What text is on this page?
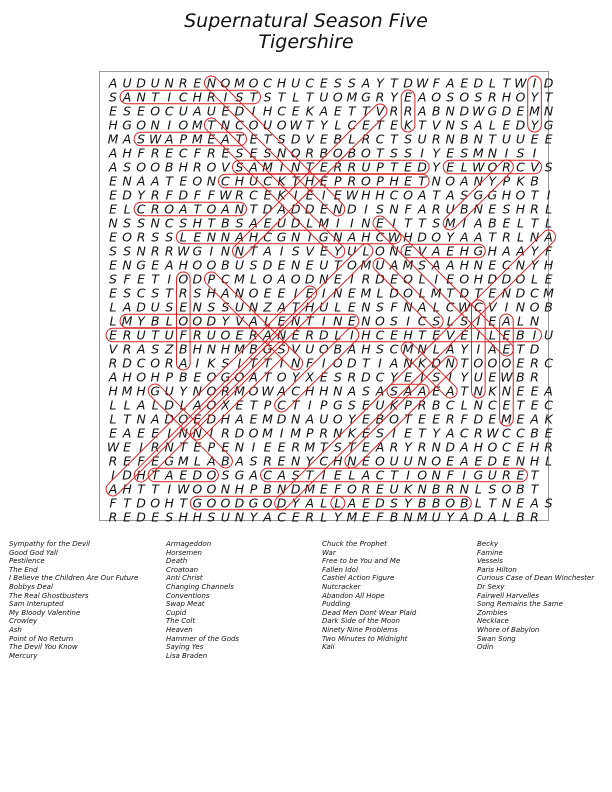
Supernatural Season Five
Tigershire
A U D U N R E N O M O C H U C E S S A Y T D W F A E D L T W I D
S A N T I C H R I S T S T L T U O M G R Y E A O S O S R H O Y T
E S E O C U A U E D I H C E K A E T T V R R A B N D W G D E M N
H G O N I O M T N C O U O W T Y L C E T E K T V N S A L E D Y G
M A S W A P M E A T E T S D V E B L R C T S U R N B N T U U E E
A H F R E C F R E S E S N O R B O B O T S S I Y E S M N I S I
A S O O B H R O V S A M I N T E R R U P T E D Y E L W O R C V S
E N A A T E O N C H U C K T H E P R O P H E T N O A N Y P K B
E D Y R F D F F W R C E K I E I E W H H C O A T A S G G H O T I
E L C R O A T O A N T D A D D E N D I S N F A R U B N E S H R L
N S S N C S H T B S A E U D L M I I N E I T T S M I A B E L T L
E O R S S L E N N A H C G N I G N A H C W H D O Y A A T R L N A
S S N R R W G I N N T A I S V E Y U L O N E V A E H G H A A Y F
E N G E A H O O B U S D E N E U T O M U A M S A A H N E C N Y H
S F E T I O D P C M L O A O D N E I R D E O L I E O H D D O L E
E S C S T R S H A N O E E I E I N E M L D O L M T D T E N D C M
L A D U S E N S S U N Z A T H U L E N S F N A L C W C V I N O B
L M Y B L O O D Y V A L E N T I N E N O S I C S L S I E A L N
E R U T U F R U O E R A N E R D L I H C E H T E V E I L E B I U
V R A S Z B H N H M B G S V U O B A H S C M N L A Y I A E T D
R D C O R A I K S I T T I N F I O D T I A N K D N T O O O E R C
A H O H P B E O G O A T O Y X E S R D C Y E I S I Y U E W B R
H M H G U Y N O R M O W A C H H N A S A S A A E A T N K N E E A
L L A L D L A O X E T P C T I P G S E U K P R B C L N C E T E C
L T N A D O E D H A E M D N A U O Y E B O T E E R F D E M E A K
E A E E I N N I R D O M I M P R N K E S I E T Y A C R W C C B E
W E I R N T E P E N I E E R M T S T E A R Y R N D A H O C E H R
R E F E G M L A B A S R E N Y C H N E O U U N O E A E D E N H L
I D H T A E D O S G A C A S T I E L A C T I O N F I G U R E T
A H T T I W O O N H P B N D M E F O R E U K N B R N L S O B T
F T D O H T G O O D G O D Y A L L A E D S Y B B O B L T N E A S
R E D E S H H S U N Y A C E R L Y M E F B N M U Y A D A L B R
Sympathy for the Devil
Good God Yall
Pestilence
The End
I Believe the Children Are Our Future
Bobbys Deal
The Real Ghostbusters
Sam Interupted
My Bloody Valentine
Crowley
Ash
Point of No Return
The Devil You Know
Mercury
Armageddon
Horsemen
Death
Croatoan
Anti Christ
Changing Channels
Conventions
Swap Meat
Cupid
The Colt
Heaven
Hammer of the Gods
Saying Yes
Lisa Braden
Chuck the Prophet
War
Free to be You and Me
Fallen Idol
Castiel Action Figure
Nutcracker
Abandon All Hope
Pudding
Dead Men Dont Wear Plaid
Dark Side of the Moon
Ninety Nine Problems
Two Minutes to Midnight
Kali
Becky
Famine
Vessels
Paris Hilton
Curious Case of Dean Winchester
Dr Sexy
Fairwell Harvelles
Song Remains the Same
Zombies
Necklace
Whore of Babylon
Swan Song
Odin
